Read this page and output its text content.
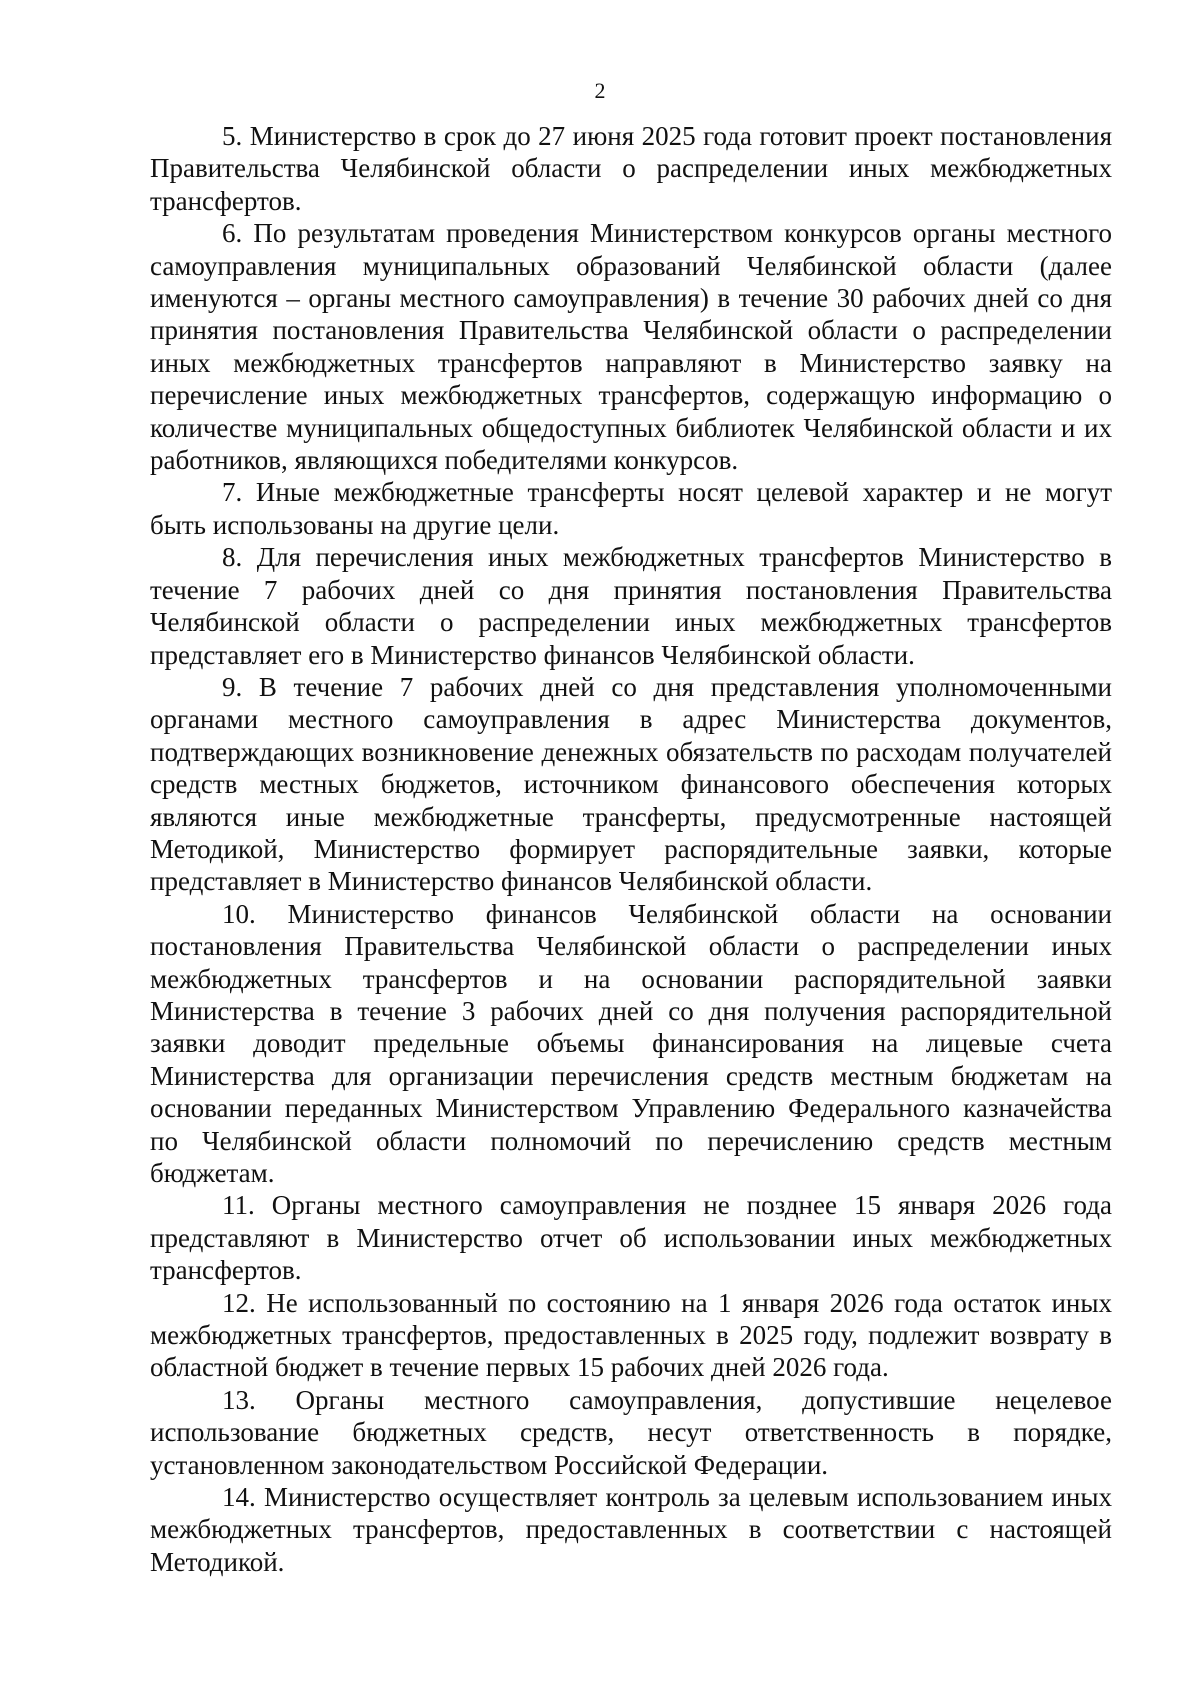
2

5. Министерство в срок до 27 июня 2025 года готовит проект постановления Правительства Челябинской области о распределении иных межбюджетных трансфертов.

6. По результатам проведения Министерством конкурсов органы местного самоуправления муниципальных образований Челябинской области (далее именуются – органы местного самоуправления) в течение 30 рабочих дней со дня принятия постановления Правительства Челябинской области о распределении иных межбюджетных трансфертов направляют в Министерство заявку на перечисление иных межбюджетных трансфертов, содержащую информацию о количестве муниципальных общедоступных библиотек Челябинской области и их работников, являющихся победителями конкурсов.

7. Иные межбюджетные трансферты носят целевой характер и не могут быть использованы на другие цели.

8. Для перечисления иных межбюджетных трансфертов Министерство в течение 7 рабочих дней со дня принятия постановления Правительства Челябинской области о распределении иных межбюджетных трансфертов представляет его в Министерство финансов Челябинской области.

9. В течение 7 рабочих дней со дня представления уполномоченными органами местного самоуправления в адрес Министерства документов, подтверждающих возникновение денежных обязательств по расходам получателей средств местных бюджетов, источником финансового обеспечения которых являются иные межбюджетные трансферты, предусмотренные настоящей Методикой, Министерство формирует распорядительные заявки, которые представляет в Министерство финансов Челябинской области.

10. Министерство финансов Челябинской области на основании постановления Правительства Челябинской области о распределении иных межбюджетных трансфертов и на основании распорядительной заявки Министерства в течение 3 рабочих дней со дня получения распорядительной заявки доводит предельные объемы финансирования на лицевые счета Министерства для организации перечисления средств местным бюджетам на основании переданных Министерством Управлению Федерального казначейства по Челябинской области полномочий по перечислению средств местным бюджетам.

11. Органы местного самоуправления не позднее 15 января 2026 года представляют в Министерство отчет об использовании иных межбюджетных трансфертов.

12. Не использованный по состоянию на 1 января 2026 года остаток иных межбюджетных трансфертов, предоставленных в 2025 году, подлежит возврату в областной бюджет в течение первых 15 рабочих дней 2026 года.

13. Органы местного самоуправления, допустившие нецелевое использование бюджетных средств, несут ответственность в порядке, установленном законодательством Российской Федерации.

14. Министерство осуществляет контроль за целевым использованием иных межбюджетных трансфертов, предоставленных в соответствии с настоящей Методикой.
